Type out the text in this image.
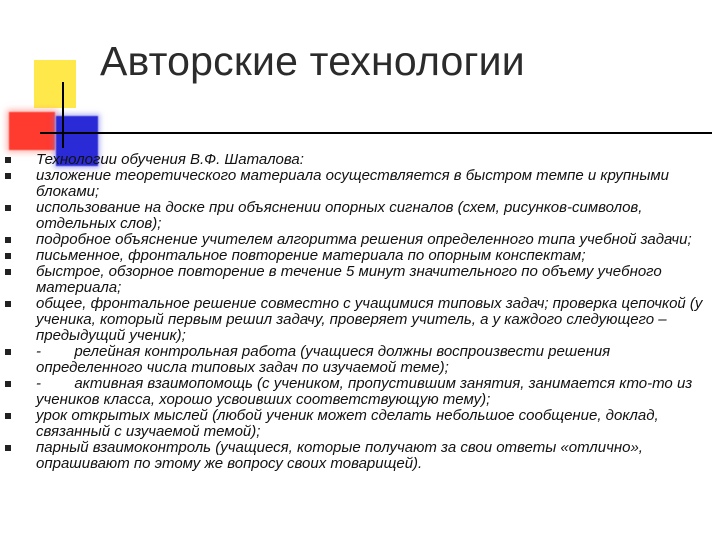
Авторские технологии
Технологии обучения В.Ф. Шаталова:
изложение теоретического материала осуществляется в быстром темпе и крупными блоками;
использование на доске при объяснении опорных сигналов (схем, рисунков-символов, отдельных слов);
подробное объяснение учителем алгоритма решения определенного типа учебной задачи;
письменное, фронтальное повторение материала по опорным конспектам;
быстрое, обзорное повторение в течение 5 минут значительного по объему учебного материала;
общее, фронтальное решение совместно с учащимися типовых задач; проверка цепочкой (у ученика, который первым решил задачу, проверяет учитель, а у каждого следующего – предыдущий ученик);
-        релейная контрольная работа (учащиеся должны воспроизвести решения определенного числа типовых задач по изучаемой теме);
-        активная взаимопомощь (с учеником, пропустившим занятия, занимается кто-то из учеников класса, хорошо усвоивших соответствующую тему);
урок открытых мыслей (любой ученик может сделать небольшое сообщение, доклад, связанный с изучаемой темой);
парный взаимоконтроль (учащиеся, которые получают за свои ответы «отлично», опрашивают по этому же вопросу своих товарищей).
